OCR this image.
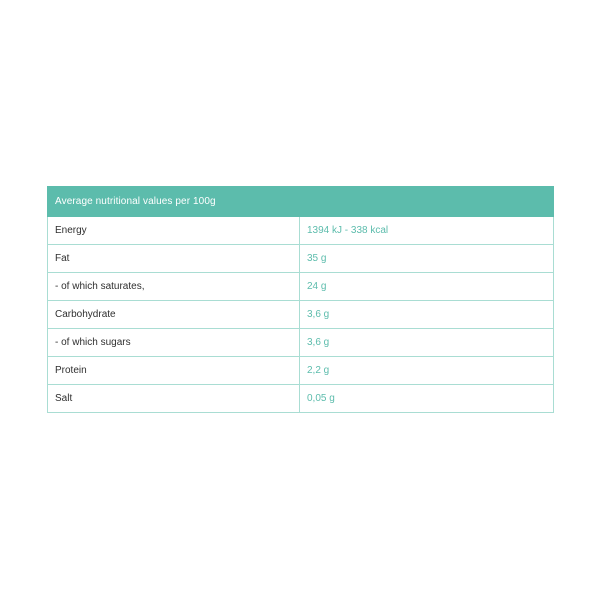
Average nutritional values per 100g	
Energy	1394 kJ - 338 kcal
Fat	35 g
- of which saturates,	24 g
Carbohydrate	3,6 g
- of which sugars	3,6 g
Protein	2,2 g
Salt	0,05 g
